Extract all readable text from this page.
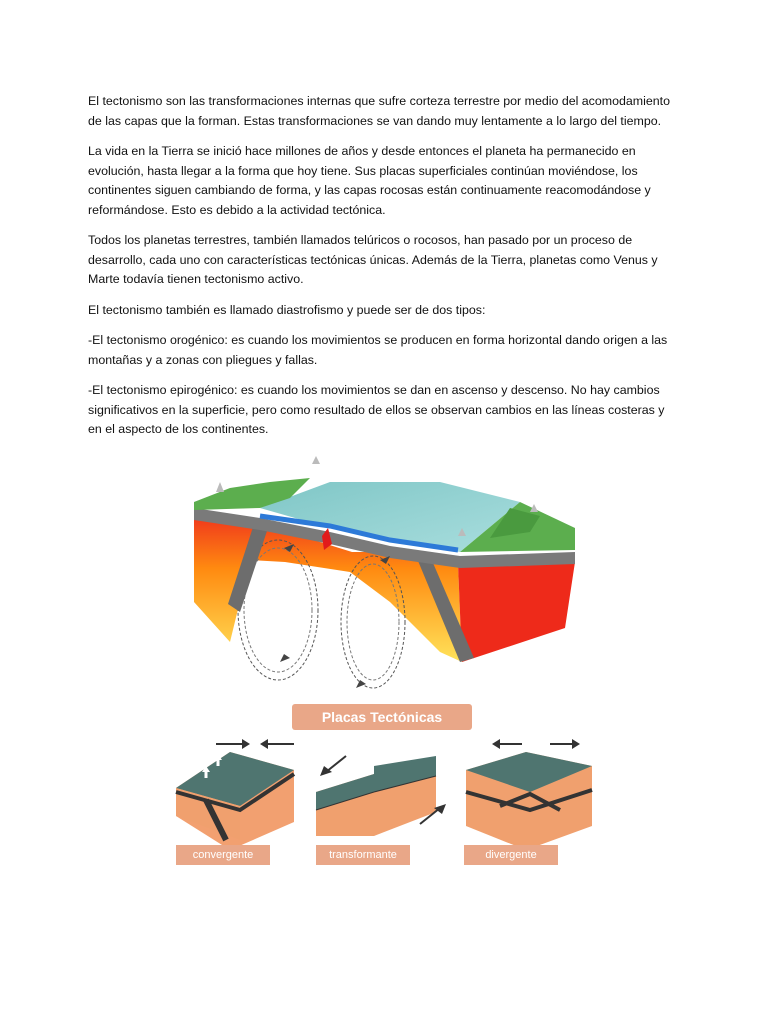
El tectonismo son las transformaciones internas que sufre corteza terrestre por medio del acomodamiento de las capas que la forman. Estas transformaciones se van dando muy lentamente a lo largo del tiempo.

La vida en la Tierra se inició hace millones de años y desde entonces el planeta ha permanecido en evolución, hasta llegar a la forma que hoy tiene. Sus placas superficiales continúan moviéndose, los continentes siguen cambiando de forma, y las capas rocosas están continuamente reacomodándose y reformándose. Esto es debido a la actividad tectónica.

Todos los planetas terrestres, también llamados telúricos o rocosos, han pasado por un proceso de desarrollo, cada uno con características tectónicas únicas. Además de la Tierra, planetas como Venus y Marte todavía tienen tectonismo activo.

El tectonismo también es llamado diastrofismo y puede ser de dos tipos:

-El tectonismo orogénico: es cuando los movimientos se producen en forma horizontal dando origen a las montañas y a zonas con pliegues y fallas.

-El tectonismo epirogénico: es cuando los movimientos se dan en ascenso y descenso. No hay cambios significativos en la superficie, pero como resultado de ellos se observan cambios en las líneas costeras y en el aspecto de los continentes.

Placas Tectónicas
convergente	transformante	divergente
